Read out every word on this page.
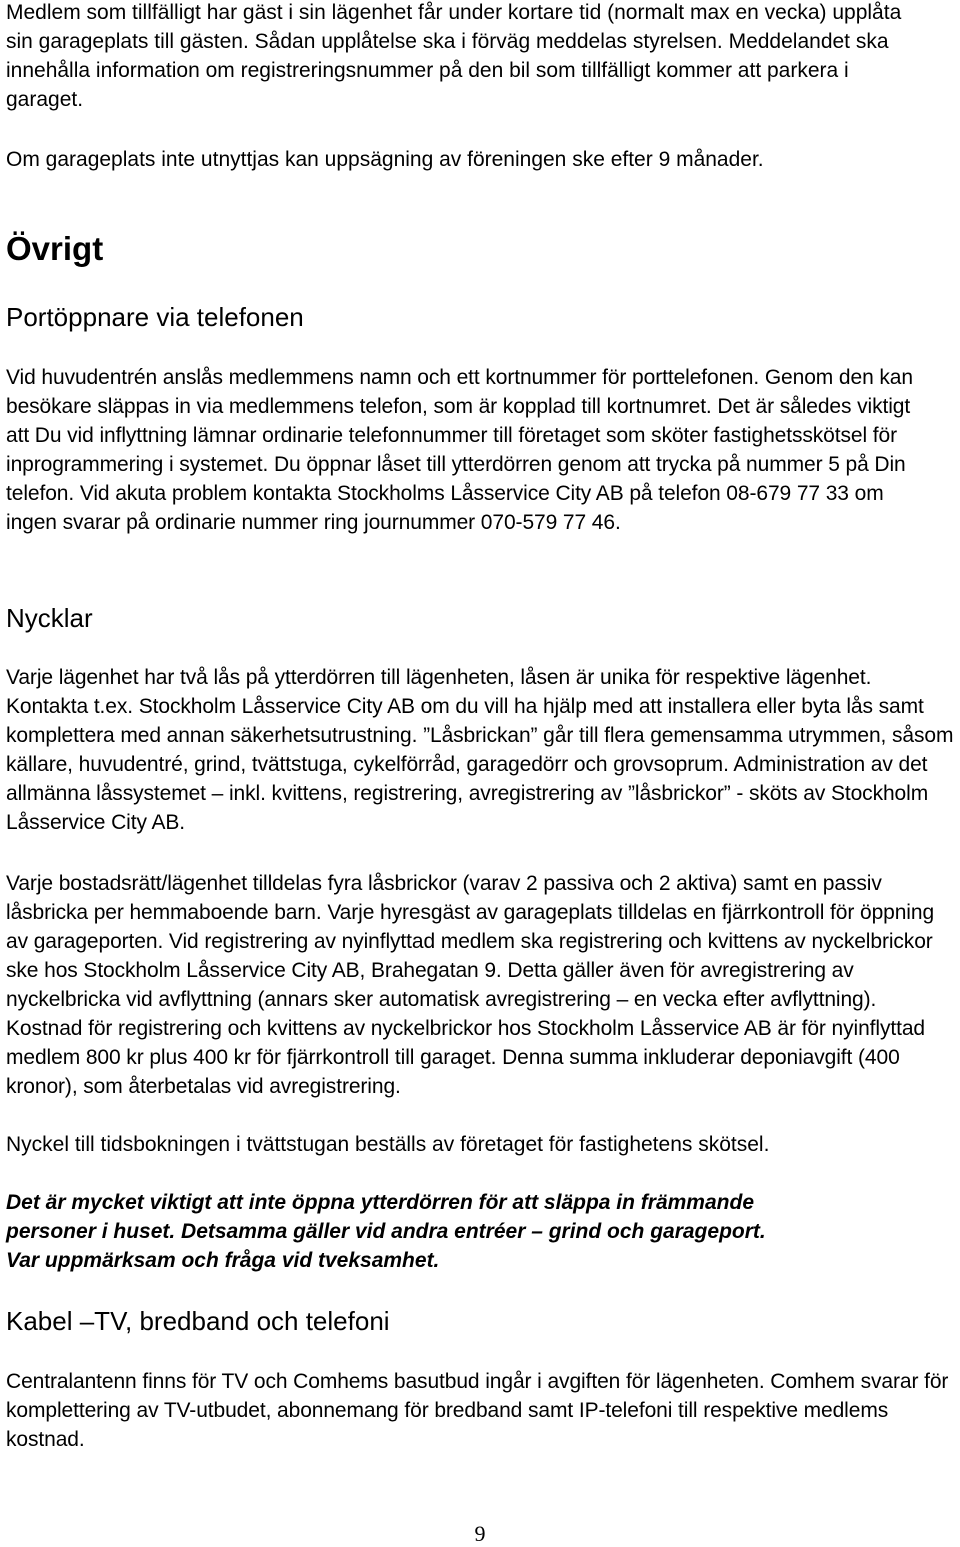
Medlem som tillfälligt har gäst i sin lägenhet får under kortare tid (normalt max en vecka) upplåta sin garageplats till gästen. Sådan upplåtelse ska i förväg meddelas styrelsen. Meddelandet ska innehålla information om registreringsnummer på den bil som tillfälligt kommer att parkera i garaget.

Om garageplats inte utnyttjas kan uppsägning av föreningen ske efter 9 månader.

Övrigt
Portöppnare via telefonen

Vid huvudentrén anslås medlemmens namn och ett kortnummer för porttelefonen. Genom den kan besökare släppas in via medlemmens telefon, som är kopplad till kortnumret. Det är således viktigt att Du vid inflyttning lämnar ordinarie telefonnummer till företaget som sköter fastighetsskötsel för inprogrammering i systemet. Du öppnar låset till ytterdörren genom att trycka på nummer 5 på Din telefon. Vid akuta problem kontakta Stockholms Låsservice City AB på telefon 08-679 77 33 om ingen svarar på ordinarie nummer ring journummer 070-579 77 46.

Nycklar

Varje lägenhet har två lås på ytterdörren till lägenheten, låsen är unika för respektive lägenhet. Kontakta t.ex. Stockholm Låsservice City AB om du vill ha hjälp med att installera eller byta lås samt komplettera med annan säkerhetsutrustning. ”Låsbrickan” går till flera gemensamma utrymmen, såsom källare, huvudentré, grind, tvättstuga, cykelförråd, garagedörr och grovsoprum. Administration av det allmänna låssystemet – inkl. kvittens, registrering, avregistrering av ”låsbrickor” - sköts av Stockholm Låsservice City AB.

Varje bostadsrätt/lägenhet tilldelas fyra låsbrickor (varav 2 passiva och 2 aktiva) samt en passiv låsbricka per hemmaboende barn. Varje hyresgäst av garageplats tilldelas en fjärrkontroll för öppning av garageporten. Vid registrering av nyinflyttad medlem ska registrering och kvittens av nyckelbrickor ske hos Stockholm Låsservice City AB, Brahegatan 9. Detta gäller även för avregistrering av nyckelbricka vid avflyttning (annars sker automatisk avregistrering – en vecka efter avflyttning). Kostnad för registrering och kvittens av nyckelbrickor hos Stockholm Låsservice AB är för nyinflyttad medlem 800 kr plus 400 kr för fjärrkontroll till garaget. Denna summa inkluderar deponiavgift (400 kronor), som återbetalas vid avregistrering.

Nyckel till tidsbokningen i tvättstugan beställs av företaget för fastighetens skötsel.

Det är mycket viktigt att inte öppna ytterdörren för att släppa in främmande

personer i huset. Detsamma gäller vid andra entréer – grind och garageport.

Var uppmärksam och fråga vid tveksamhet.

Kabel –TV, bredband och telefoni

Centralantenn finns för TV och Comhems basutbud ingår i avgiften för lägenheten. Comhem svarar för komplettering av TV-utbudet, abonnemang för bredband samt IP-telefoni till respektive medlems kostnad.

9
